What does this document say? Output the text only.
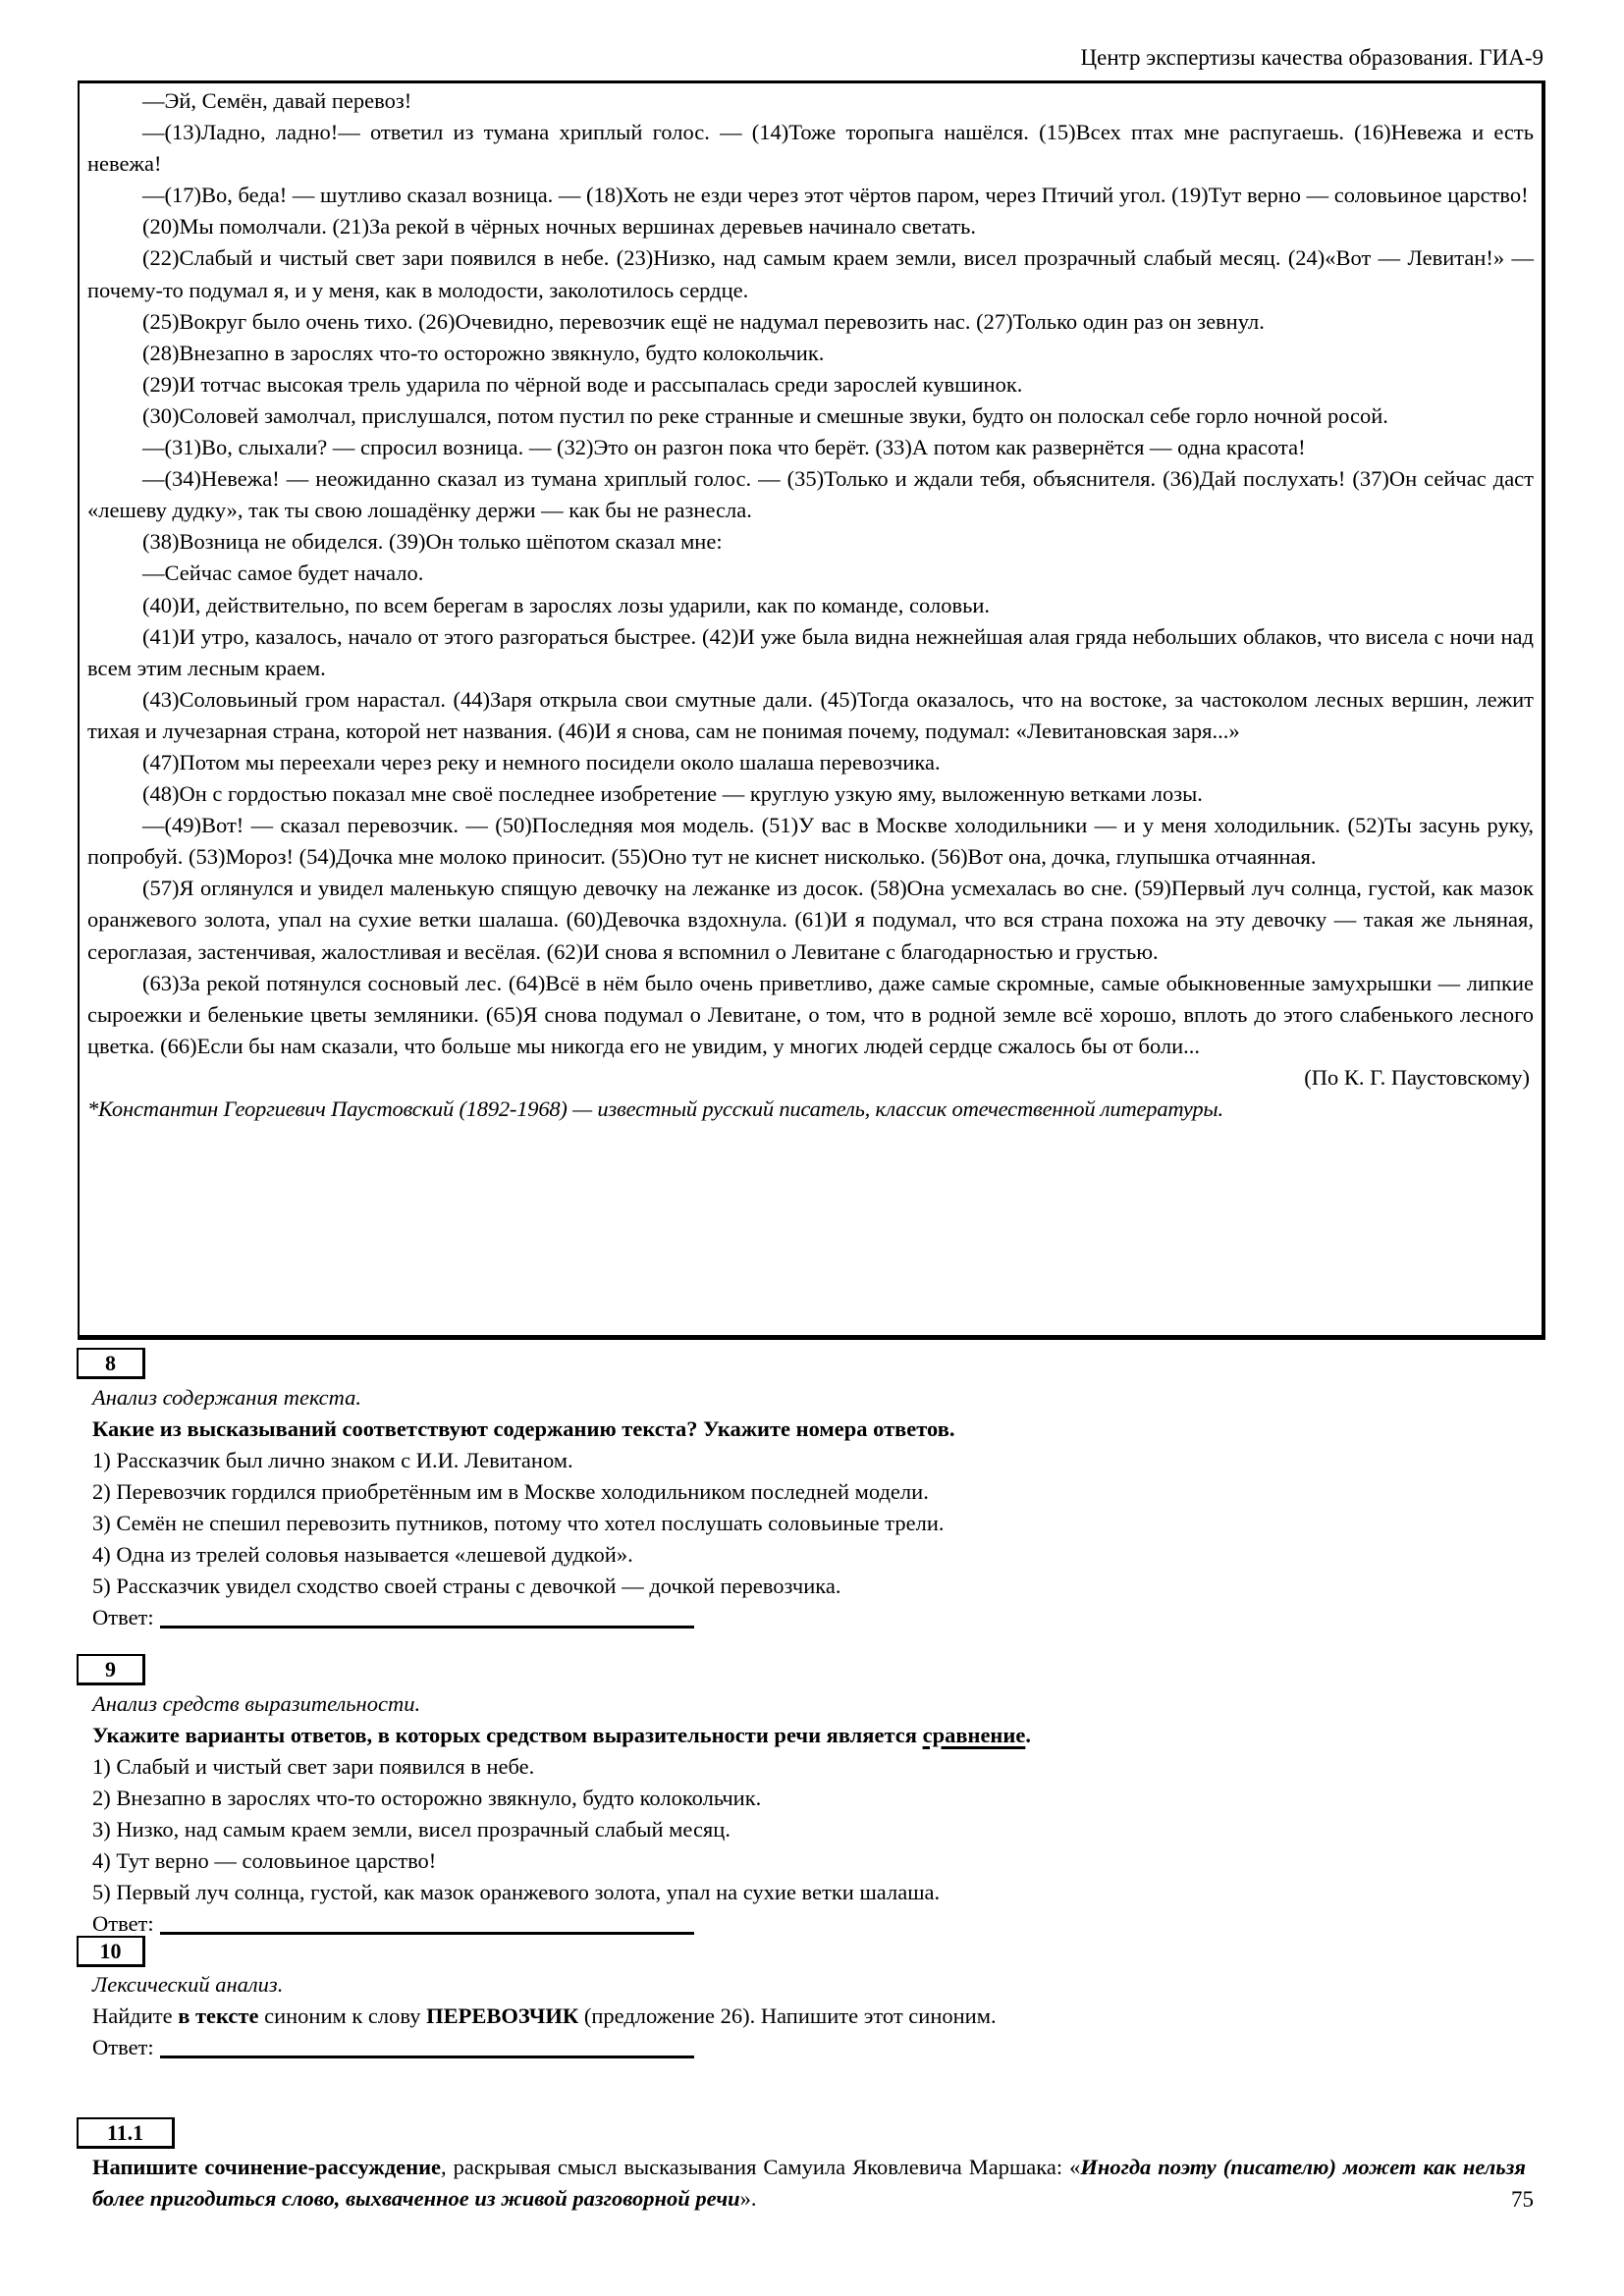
Центр экспертизы качества образования. ГИА-9

—Эй, Семён, давай перевоз!

—(13)Ладно, ладно!— ответил из тумана хриплый голос. — (14)Тоже торопыга нашёлся. (15)Всех птах мне распугаешь. (16)Невежа и есть невежа!

—(17)Во, беда! — шутливо сказал возница. — (18)Хоть не езди через этот чёртов паром, через Птичий угол. (19)Тут верно — соловьиное царство!

(20)Мы помолчали. (21)За рекой в чёрных ночных вершинах деревьев начинало светать.

(22)Слабый и чистый свет зари появился в небе. (23)Низко, над самым краем земли, висел прозрачный слабый месяц. (24)«Вот — Левитан!» — почему-то подумал я, и у меня, как в молодости, заколотилось сердце.

(25)Вокруг было очень тихо. (26)Очевидно, перевозчик ещё не надумал перевозить нас. (27)Только один раз он зевнул.

(28)Внезапно в зарослях что-то осторожно звякнуло, будто колокольчик.

(29)И тотчас высокая трель ударила по чёрной воде и рассыпалась среди зарослей кувшинок.

(30)Соловей замолчал, прислушался, потом пустил по реке странные и смешные звуки, будто он полоскал себе горло ночной росой.

—(31)Во, слыхали? — спросил возница. — (32)Это он разгон пока что берёт. (33)А потом как развернётся — одна красота!

—(34)Невежа! — неожиданно сказал из тумана хриплый голос. — (35)Только и ждали тебя, объяснителя. (36)Дай послухать! (37)Он сейчас даст «лешеву дудку», так ты свою лошадёнку держи — как бы не разнесла.

(38)Возница не обиделся. (39)Он только шёпотом сказал мне:

—Сейчас самое будет начало.

(40)И, действительно, по всем берегам в зарослях лозы ударили, как по команде, соловьи.

(41)И утро, казалось, начало от этого разгораться быстрее. (42)И уже была видна нежнейшая алая гряда небольших облаков, что висела с ночи над всем этим лесным краем.

(43)Соловьиный гром нарастал. (44)Заря открыла свои смутные дали. (45)Тогда оказалось, что на востоке, за частоколом лесных вершин, лежит тихая и лучезарная страна, которой нет названия. (46)И я снова, сам не понимая почему, подумал: «Левитановская заря...»

(47)Потом мы переехали через реку и немного посидели около шалаша перевозчика.

(48)Он с гордостью показал мне своё последнее изобретение — круглую узкую яму, выложенную ветками лозы.

—(49)Вот! — сказал перевозчик. — (50)Последняя моя модель. (51)У вас в Москве холодильники — и у меня холодильник. (52)Ты засунь руку, попробуй. (53)Мороз! (54)Дочка мне молоко приносит. (55)Оно тут не киснет нисколько. (56)Вот она, дочка, глупышка отчаянная.

(57)Я оглянулся и увидел маленькую спящую девочку на лежанке из досок. (58)Она усмехалась во сне. (59)Первый луч солнца, густой, как мазок оранжевого золота, упал на сухие ветки шалаша. (60)Девочка вздохнула. (61)И я подумал, что вся страна похожа на эту девочку — такая же льняная, сероглазая, застенчивая, жалостливая и весёлая. (62)И снова я вспомнил о Левитане с благодарностью и грустью.

(63)За рекой потянулся сосновый лес. (64)Всё в нём было очень приветливо, даже самые скромные, самые обыкновенные замухрышки — липкие сыроежки и беленькие цветы земляники. (65)Я снова подумал о Левитане, о том, что в родной земле всё хорошо, вплоть до этого слабенького лесного цветка. (66)Если бы нам сказали, что больше мы никогда его не увидим, у многих людей сердце сжалось бы от боли...

(По К. Г. Паустовскому)

*Константин Георгиевич Паустовский (1892-1968) — известный русский писатель, классик отечественной литературы.

8
Анализ содержания текста.
Какие из высказываний соответствуют содержанию текста? Укажите номера ответов.
1) Рассказчик был лично знаком с И.И. Левитаном.
2) Перевозчик гордился приобретённым им в Москве холодильником последней модели.
3) Семён не спешил перевозить путников, потому что хотел послушать соловьиные трели.
4) Одна из трелей соловья называется «лешевой дудкой».
5) Рассказчик увидел сходство своей страны с девочкой — дочкой перевозчика.
Ответ:
9
Анализ средств выразительности.
Укажите варианты ответов, в которых средством выразительности речи является сравнение.
1) Слабый и чистый свет зари появился в небе.
2) Внезапно в зарослях что-то осторожно звякнуло, будто колокольчик.
3) Низко, над самым краем земли, висел прозрачный слабый месяц.
4) Тут верно — соловьиное царство!
5) Первый луч солнца, густой, как мазок оранжевого золота, упал на сухие ветки шалаша.
Ответ:
10
Лексический анализ.
Найдите в тексте синоним к слову ПЕРЕВОЗЧИК (предложение 26). Напишите этот синоним.
Ответ:
11.1
Напишите сочинение-рассуждение, раскрывая смысл высказывания Самуила Яковлевича Маршака: «Иногда поэту (писателю) может как нельзя более пригодиться слово, выхваченное из живой разговорной речи».	75
